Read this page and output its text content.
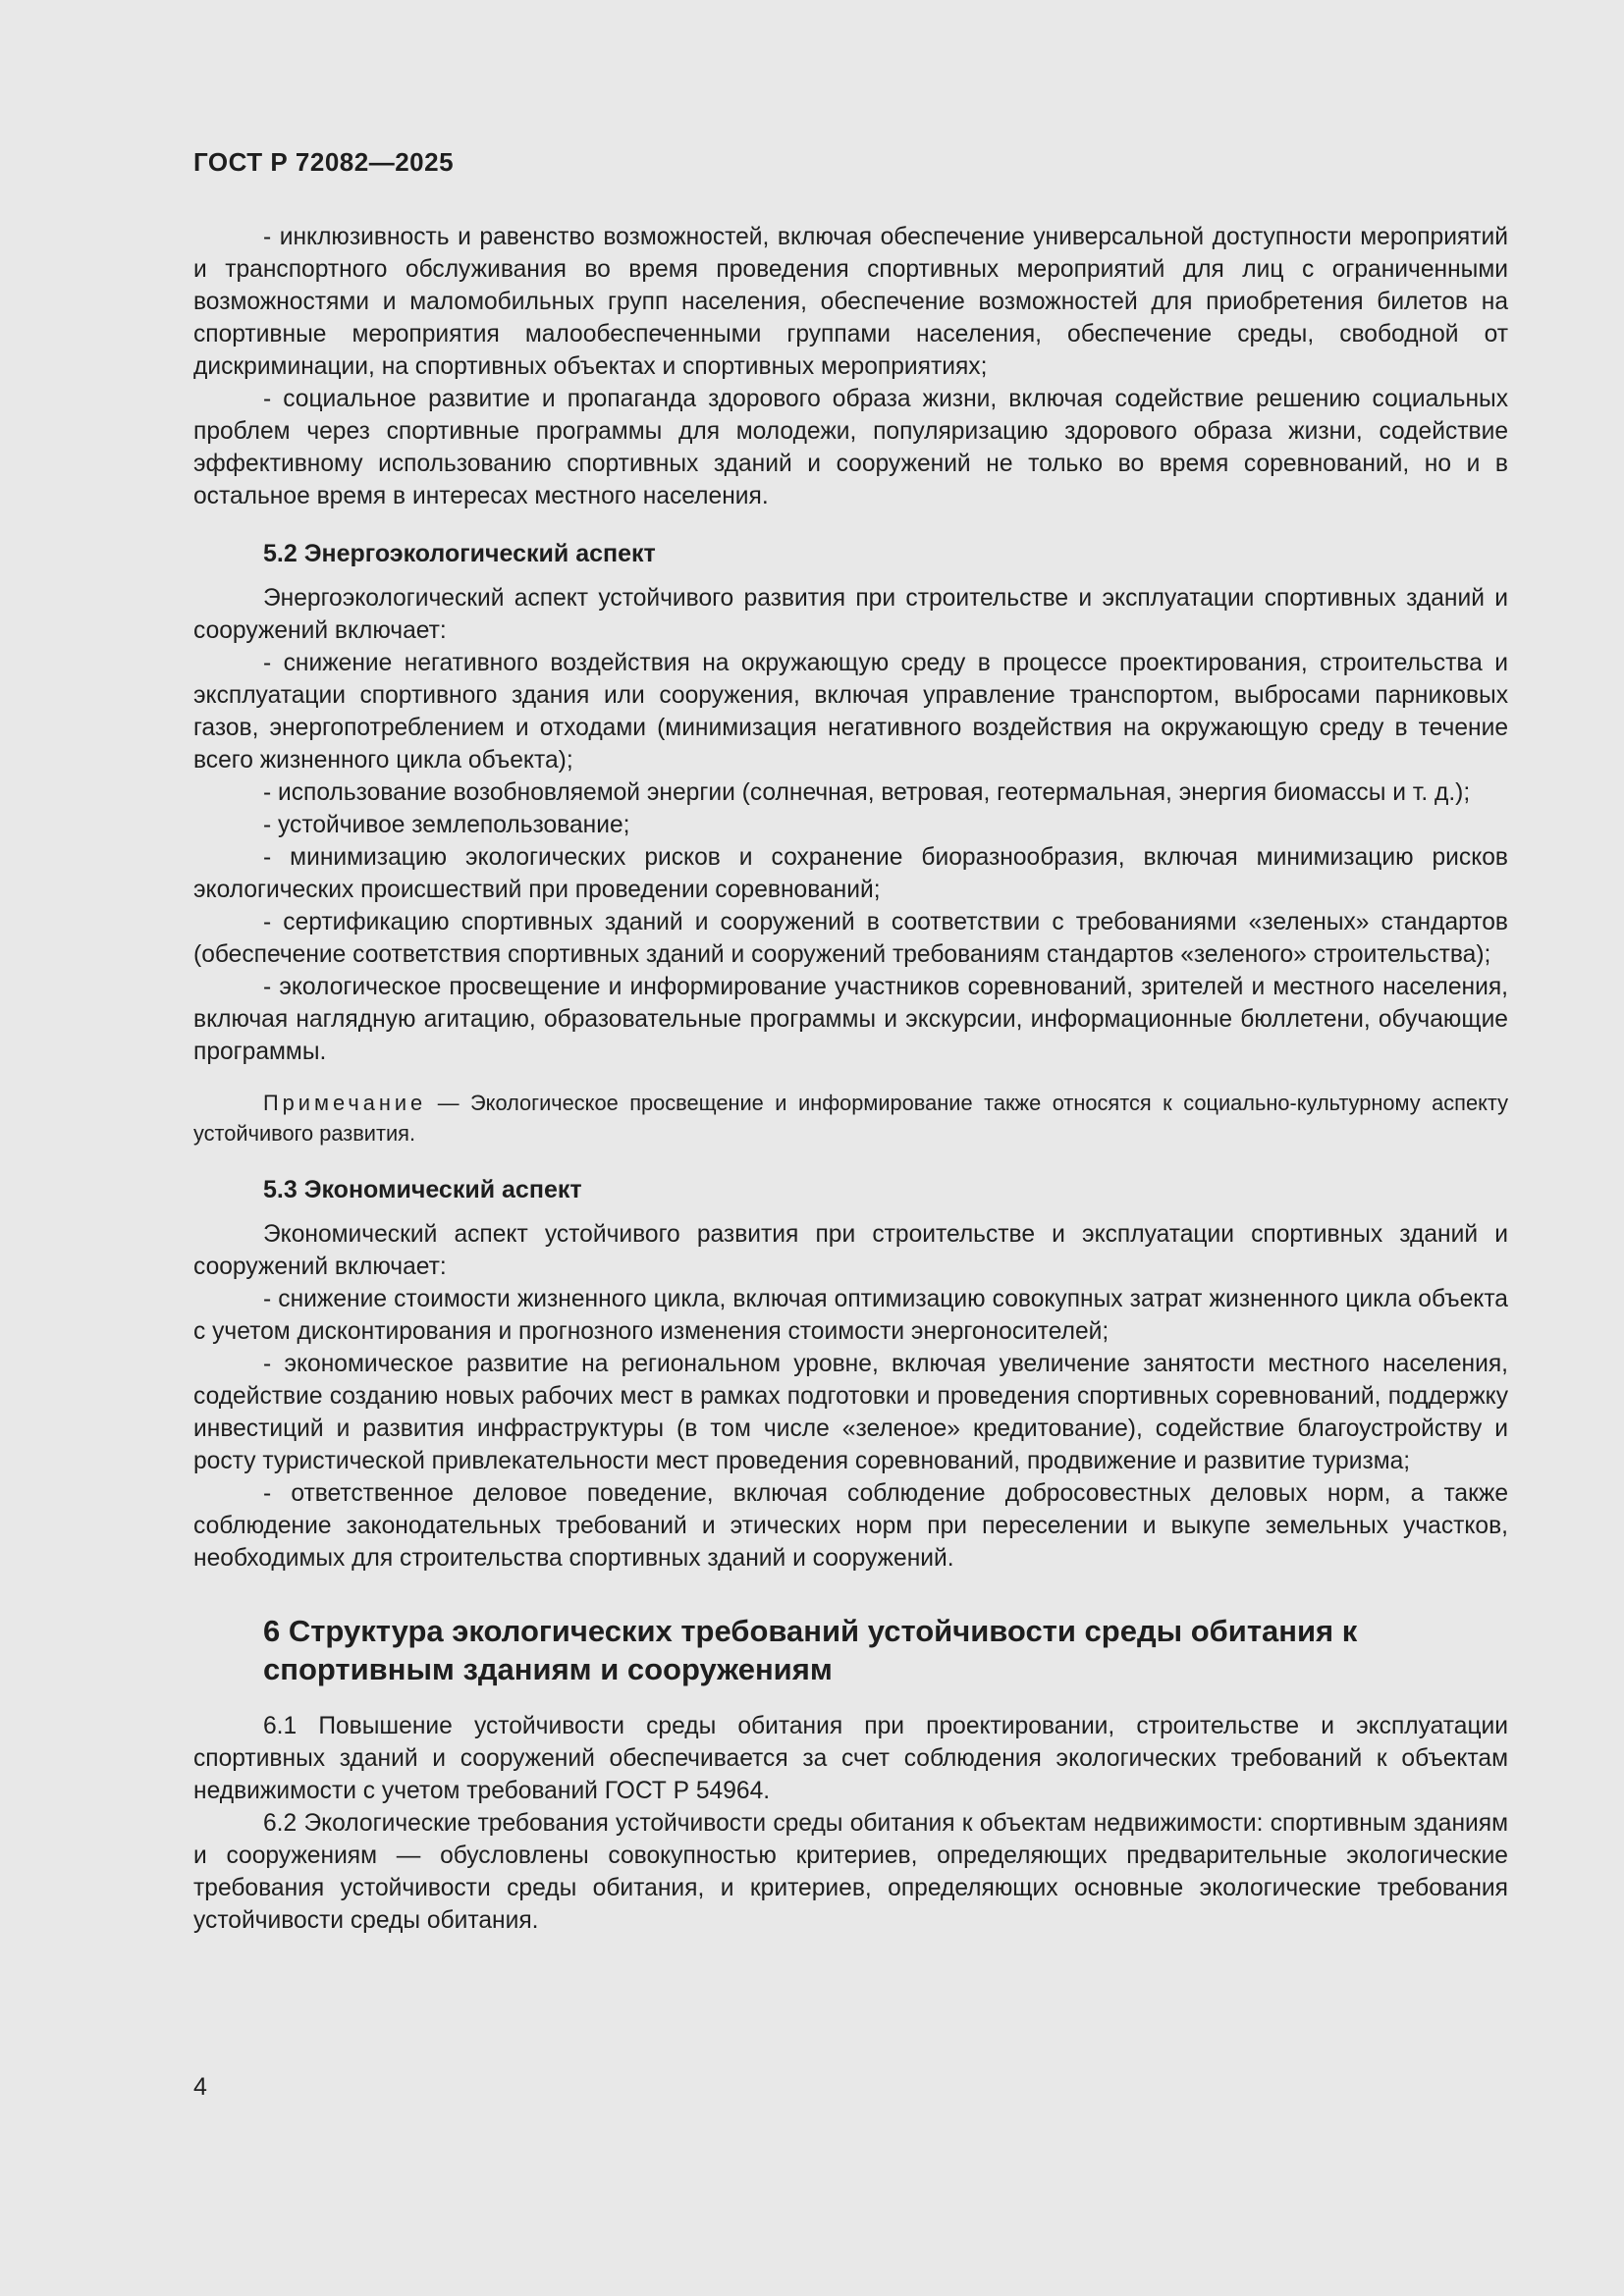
ГОСТ Р 72082—2025

- инклюзивность и равенство возможностей, включая обеспечение универсальной доступности мероприятий и транспортного обслуживания во время проведения спортивных мероприятий для лиц с ограниченными возможностями и маломобильных групп населения, обеспечение возможностей для приобретения билетов на спортивные мероприятия малообеспеченными группами населения, обеспечение среды, свободной от дискриминации, на спортивных объектах и спортивных мероприятиях;

- социальное развитие и пропаганда здорового образа жизни, включая содействие решению социальных проблем через спортивные программы для молодежи, популяризацию здорового образа жизни, содействие эффективному использованию спортивных зданий и сооружений не только во время соревнований, но и в остальное время в интересах местного населения.

5.2 Энергоэкологический аспект

Энергоэкологический аспект устойчивого развития при строительстве и эксплуатации спортивных зданий и сооружений включает:

- снижение негативного воздействия на окружающую среду в процессе проектирования, строительства и эксплуатации спортивного здания или сооружения, включая управление транспортом, выбросами парниковых газов, энергопотреблением и отходами (минимизация негативного воздействия на окружающую среду в течение всего жизненного цикла объекта);

- использование возобновляемой энергии (солнечная, ветровая, геотермальная, энергия биомассы и т. д.);

- устойчивое землепользование;

- минимизацию экологических рисков и сохранение биоразнообразия, включая минимизацию рисков экологических происшествий при проведении соревнований;

- сертификацию спортивных зданий и сооружений в соответствии с требованиями «зеленых» стандартов (обеспечение соответствия спортивных зданий и сооружений требованиям стандартов «зеленого» строительства);

- экологическое просвещение и информирование участников соревнований, зрителей и местного населения, включая наглядную агитацию, образовательные программы и экскурсии, информационные бюллетени, обучающие программы.

Примечание — Экологическое просвещение и информирование также относятся к социально-культурному аспекту устойчивого развития.
5.3 Экономический аспект

Экономический аспект устойчивого развития при строительстве и эксплуатации спортивных зданий и сооружений включает:

- снижение стоимости жизненного цикла, включая оптимизацию совокупных затрат жизненного цикла объекта с учетом дисконтирования и прогнозного изменения стоимости энергоносителей;

- экономическое развитие на региональном уровне, включая увеличение занятости местного населения, содействие созданию новых рабочих мест в рамках подготовки и проведения спортивных соревнований, поддержку инвестиций и развития инфраструктуры (в том числе «зеленое» кредитование), содействие благоустройству и росту туристической привлекательности мест проведения соревнований, продвижение и развитие туризма;

- ответственное деловое поведение, включая соблюдение добросовестных деловых норм, а также соблюдение законодательных требований и этических норм при переселении и выкупе земельных участков, необходимых для строительства спортивных зданий и сооружений.

6 Структура экологических требований устойчивости среды обитания к спортивным зданиям и сооружениям

6.1 Повышение устойчивости среды обитания при проектировании, строительстве и эксплуатации спортивных зданий и сооружений обеспечивается за счет соблюдения экологических требований к объектам недвижимости с учетом требований ГОСТ Р 54964.

6.2 Экологические требования устойчивости среды обитания к объектам недвижимости: спортивным зданиям и сооружениям — обусловлены совокупностью критериев, определяющих предварительные экологические требования устойчивости среды обитания, и критериев, определяющих основные экологические требования устойчивости среды обитания.

4
